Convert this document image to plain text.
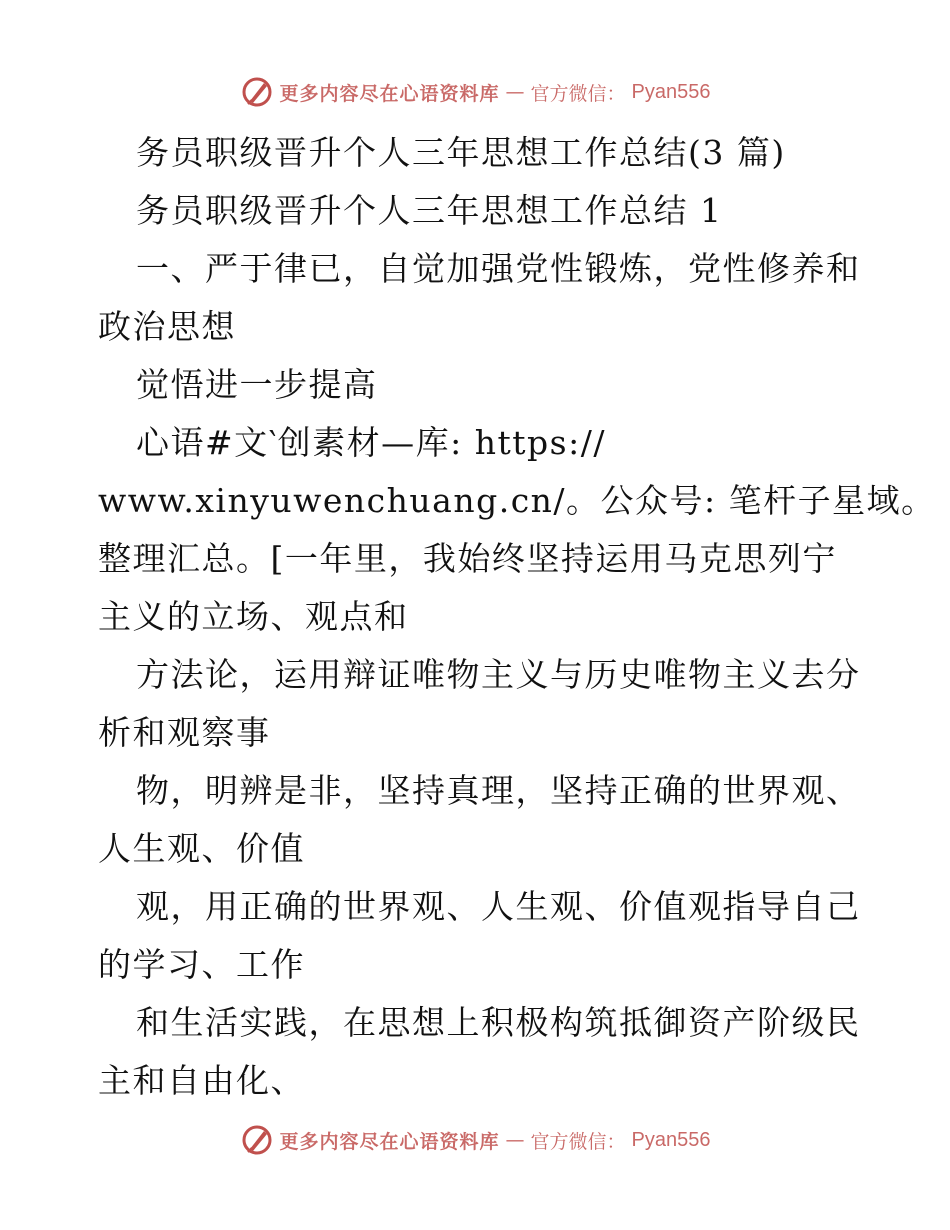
更多内容尽在心语资料库 — 官方微信： Pyan556
务员职级晋升个人三年思想工作总结(3 篇)
务员职级晋升个人三年思想工作总结 1
一、严于律已，自觉加强党性锻炼，党性修养和
政治思想
觉悟进一步提高
心语#文‵创素材—库: https://
www.xinyuwenchuang.cn/。公众号: 笔杆子星域。
整理汇总。[一年里，我始终坚持运用马克思列宁
主义的立场、观点和
方法论，运用辩证唯物主义与历史唯物主义去分
析和观察事
物，明辨是非，坚持真理，坚持正确的世界观、
人生观、价值
观，用正确的世界观、人生观、价值观指导自己
的学习、工作
和生活实践，在思想上积极构筑抵御资产阶级民
主和自由化、
更多内容尽在心语资料库 — 官方微信： Pyan556
